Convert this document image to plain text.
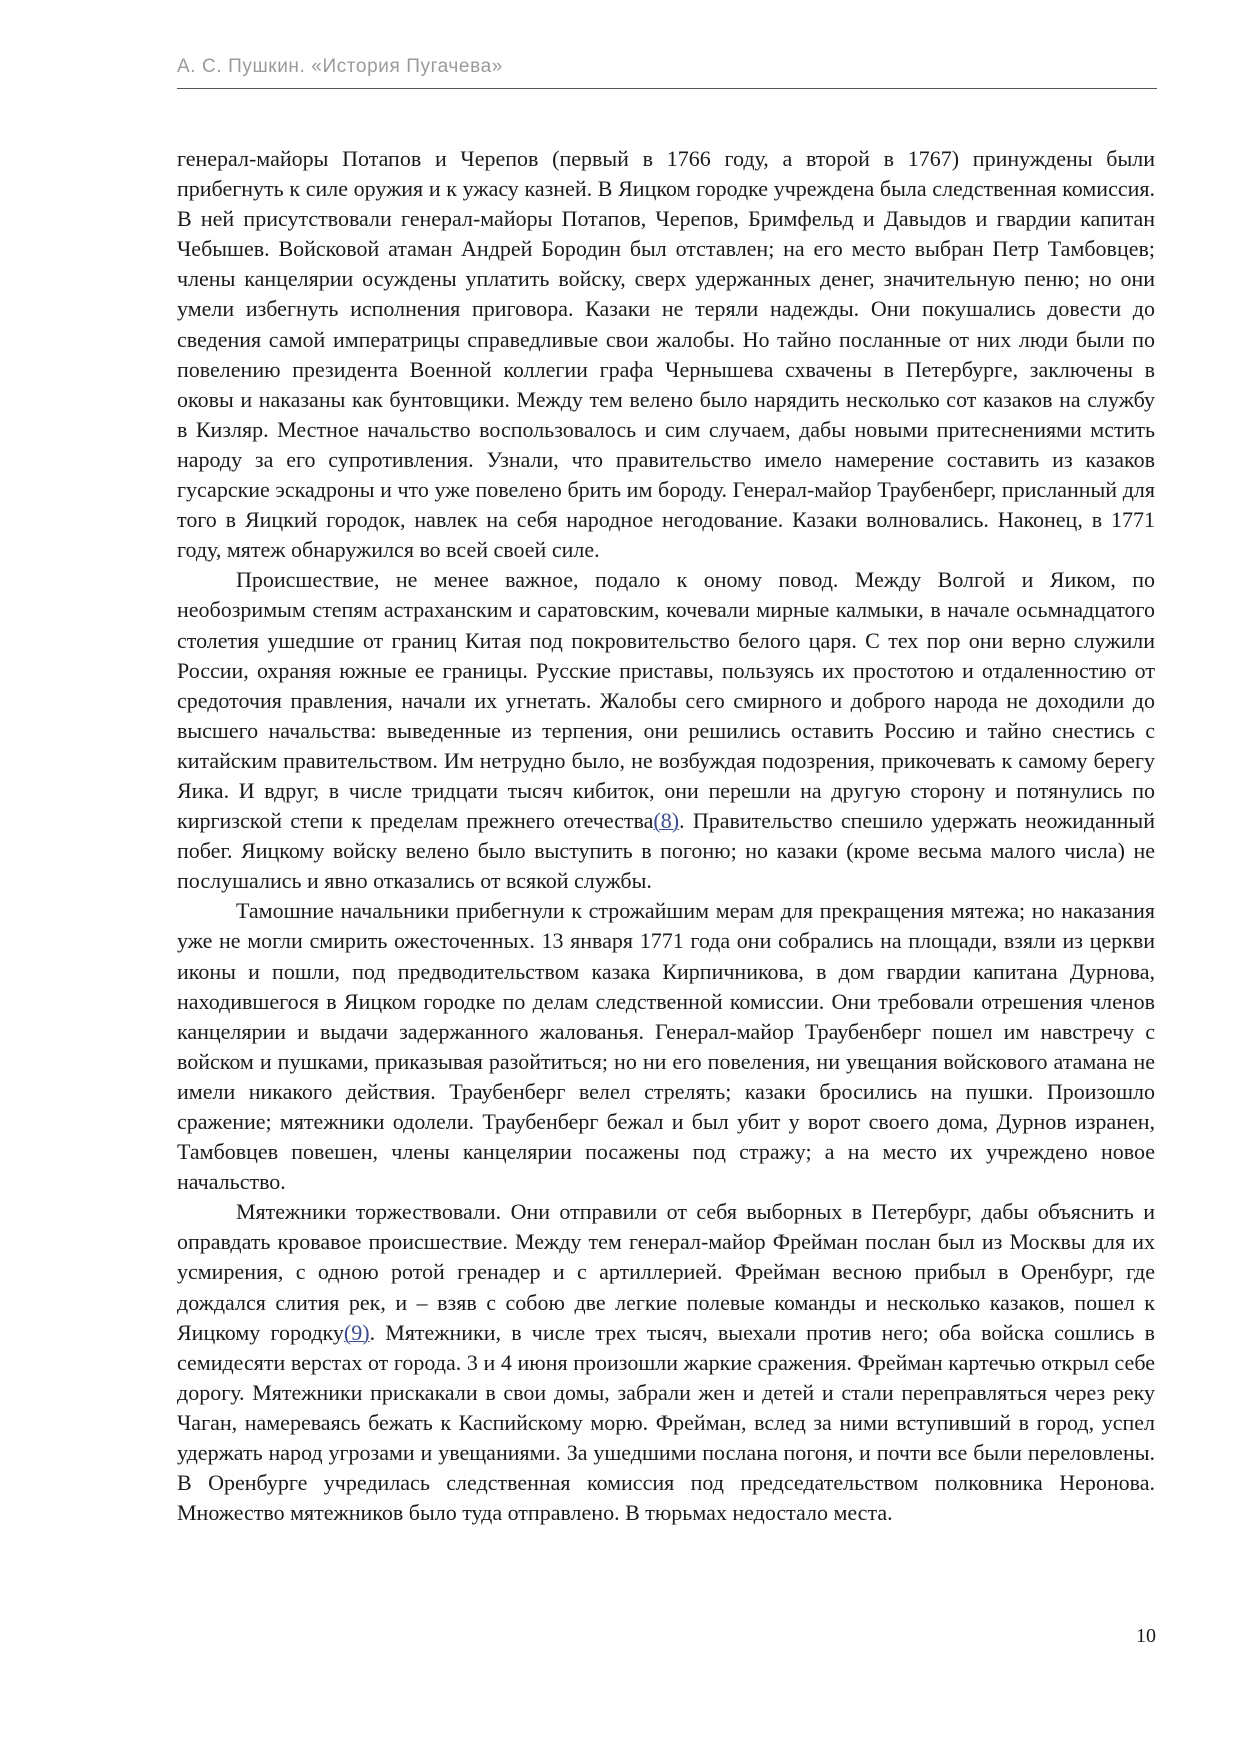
А. С. Пушкин. «История Пугачева»

генерал-майоры Потапов и Черепов (первый в 1766 году, а второй в 1767) принуждены были прибегнуть к силе оружия и к ужасу казней. В Яицком городке учреждена была следственная комиссия. В ней присутствовали генерал-майоры Потапов, Черепов, Бримфельд и Давыдов и гвардии капитан Чебышев. Войсковой атаман Андрей Бородин был отставлен; на его место выбран Петр Тамбовцев; члены канцелярии осуждены уплатить войску, сверх удержанных денег, значительную пеню; но они умели избегнуть исполнения приговора. Казаки не теряли надежды. Они покушались довести до сведения самой императрицы справедливые свои жалобы. Но тайно посланные от них люди были по повелению президента Военной коллегии графа Чернышева схвачены в Петербурге, заключены в оковы и наказаны как бунтовщики. Между тем велено было нарядить несколько сот казаков на службу в Кизляр. Местное начальство воспользовалось и сим случаем, дабы новыми притеснениями мстить народу за его супротивления. Узнали, что правительство имело намерение составить из казаков гусарские эскадроны и что уже повелено брить им бороду. Генерал-майор Траубенберг, присланный для того в Яицкий городок, навлек на себя народное негодование. Казаки волновались. Наконец, в 1771 году, мятеж обнаружился во всей своей силе.

Происшествие, не менее важное, подало к оному повод. Между Волгой и Яиком, по необозримым степям астраханским и саратовским, кочевали мирные калмыки, в начале осьмнадцатого столетия ушедшие от границ Китая под покровительство белого царя. С тех пор они верно служили России, охраняя южные ее границы. Русские приставы, пользуясь их простотою и отдаленностию от средоточия правления, начали их угнетать. Жалобы сего смирного и доброго народа не доходили до высшего начальства: выведенные из терпения, они решились оставить Россию и тайно снестись с китайским правительством. Им нетрудно было, не возбуждая подозрения, прикочевать к самому берегу Яика. И вдруг, в числе тридцати тысяч кибиток, они перешли на другую сторону и потянулись по киргизской степи к пределам прежнего отечества(8). Правительство спешило удержать неожиданный побег. Яицкому войску велено было выступить в погоню; но казаки (кроме весьма малого числа) не послушались и явно отказались от всякой службы.

Тамошние начальники прибегнули к строжайшим мерам для прекращения мятежа; но наказания уже не могли смирить ожесточенных. 13 января 1771 года они собрались на площади, взяли из церкви иконы и пошли, под предводительством казака Кирпичникова, в дом гвардии капитана Дурнова, находившегося в Яицком городке по делам следственной комиссии. Они требовали отрешения членов канцелярии и выдачи задержанного жалованья. Генерал-майор Траубенберг пошел им навстречу с войском и пушками, приказывая разойтиться; но ни его повеления, ни увещания войскового атамана не имели никакого действия. Траубенберг велел стрелять; казаки бросились на пушки. Произошло сражение; мятежники одолели. Траубенберг бежал и был убит у ворот своего дома, Дурнов изранен, Тамбовцев повешен, члены канцелярии посажены под стражу; а на место их учреждено новое начальство.

Мятежники торжествовали. Они отправили от себя выборных в Петербург, дабы объяснить и оправдать кровавое происшествие. Между тем генерал-майор Фрейман послан был из Москвы для их усмирения, с одною ротой гренадер и с артиллерией. Фрейман весною прибыл в Оренбург, где дождался слития рек, и – взяв с собою две легкие полевые команды и несколько казаков, пошел к Яицкому городку(9). Мятежники, в числе трех тысяч, выехали против него; оба войска сошлись в семидесяти верстах от города. 3 и 4 июня произошли жаркие сражения. Фрейман картечью открыл себе дорогу. Мятежники прискакали в свои домы, забрали жен и детей и стали переправляться через реку Чаган, намереваясь бежать к Каспийскому морю. Фрейман, вслед за ними вступивший в город, успел удержать народ угрозами и увещаниями. За ушедшими послана погоня, и почти все были переловлены. В Оренбурге учредилась следственная комиссия под председательством полковника Неронова. Множество мятежников было туда отправлено. В тюрьмах недостало места.

10
